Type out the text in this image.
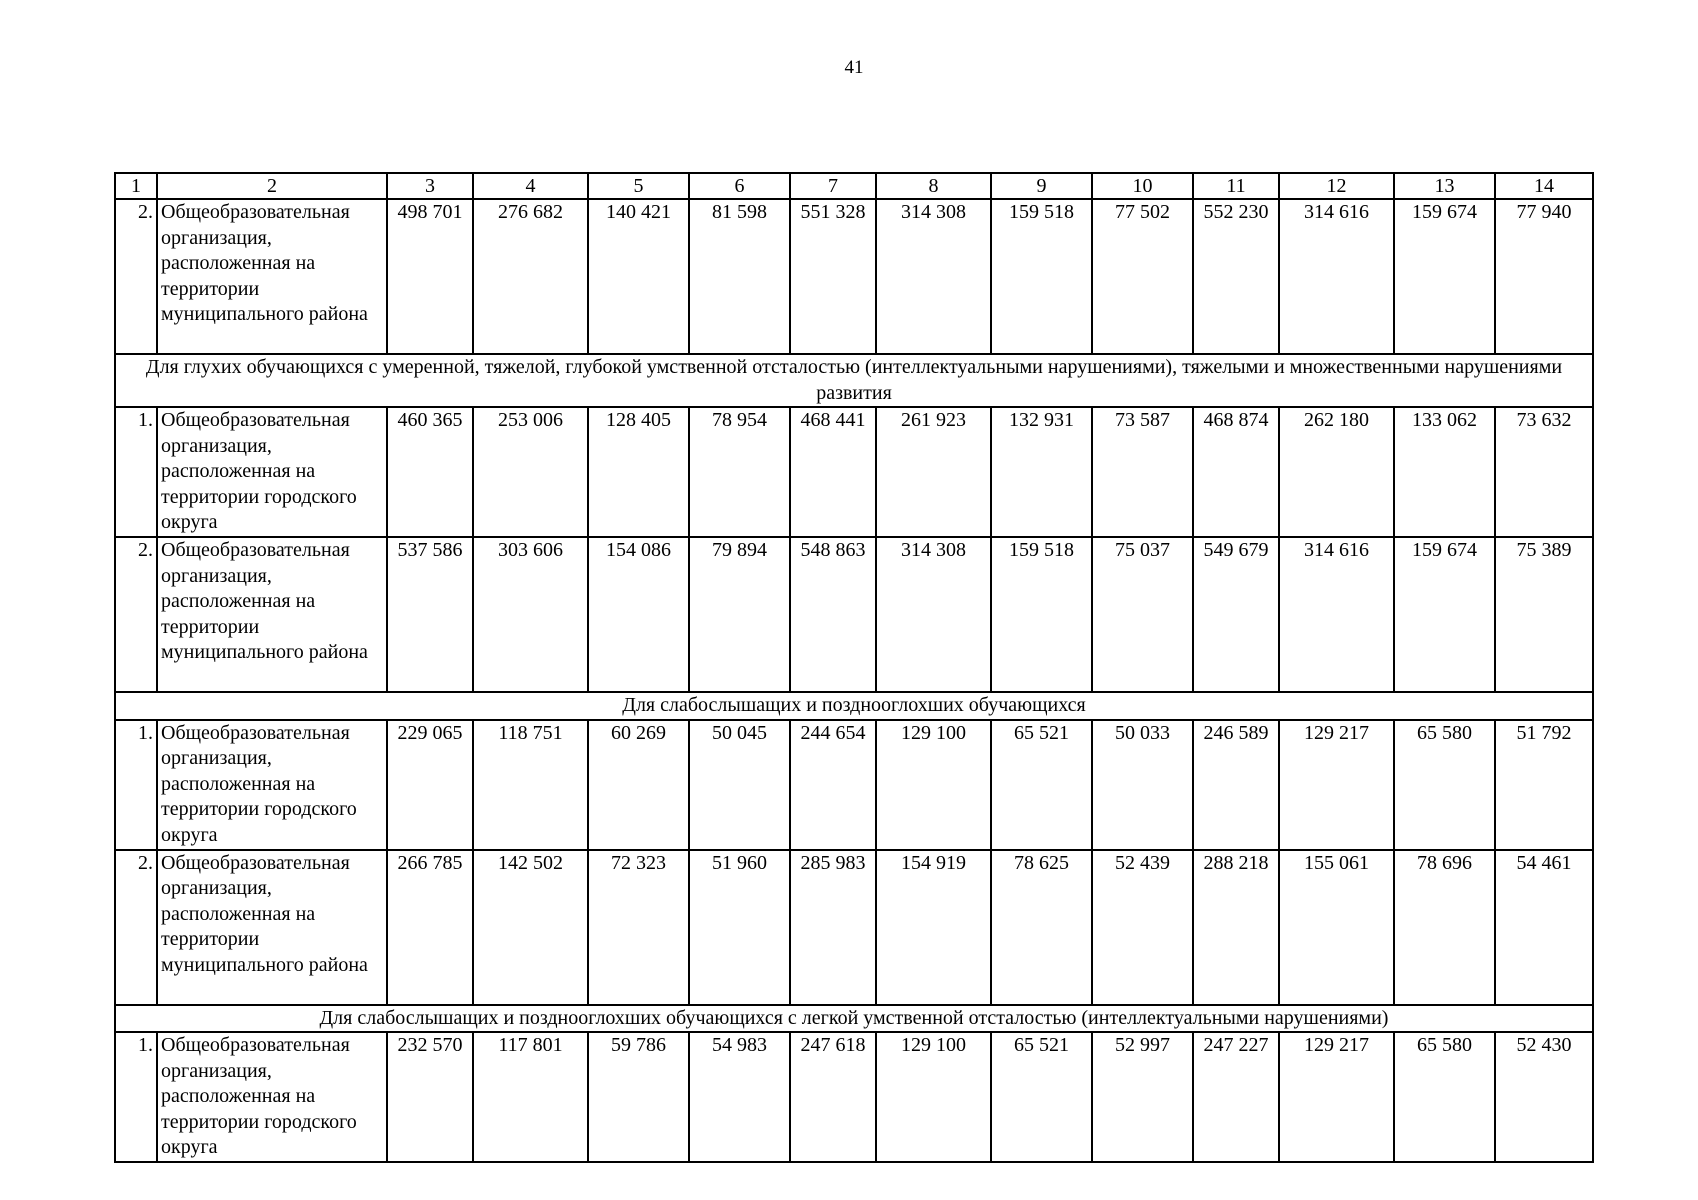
41
1	2	3	4	5	6	7	8	9	10	11	12	13	14
2.	Общеобразовательная организация, расположенная на территории муниципального района	498 701	276 682	140 421	81 598	551 328	314 308	159 518	77 502	552 230	314 616	159 674	77 940
Для глухих обучающихся с умеренной, тяжелой, глубокой умственной отсталостью (интеллектуальными нарушениями), тяжелыми и множественными нарушениями развития													
1.	Общеобразовательная организация, расположенная на территории городского округа	460 365	253 006	128 405	78 954	468 441	261 923	132 931	73 587	468 874	262 180	133 062	73 632
2.	Общеобразовательная организация, расположенная на территории муниципального района	537 586	303 606	154 086	79 894	548 863	314 308	159 518	75 037	549 679	314 616	159 674	75 389
Для слабослышащих и позднооглохших обучающихся													
1.	Общеобразовательная организация, расположенная на территории городского округа	229 065	118 751	60 269	50 045	244 654	129 100	65 521	50 033	246 589	129 217	65 580	51 792
2.	Общеобразовательная организация, расположенная на территории муниципального района	266 785	142 502	72 323	51 960	285 983	154 919	78 625	52 439	288 218	155 061	78 696	54 461
Для слабослышащих и позднооглохших обучающихся с легкой умственной отсталостью (интеллектуальными нарушениями)													
1.	Общеобразовательная организация, расположенная на территории городского округа	232 570	117 801	59 786	54 983	247 618	129 100	65 521	52 997	247 227	129 217	65 580	52 430
